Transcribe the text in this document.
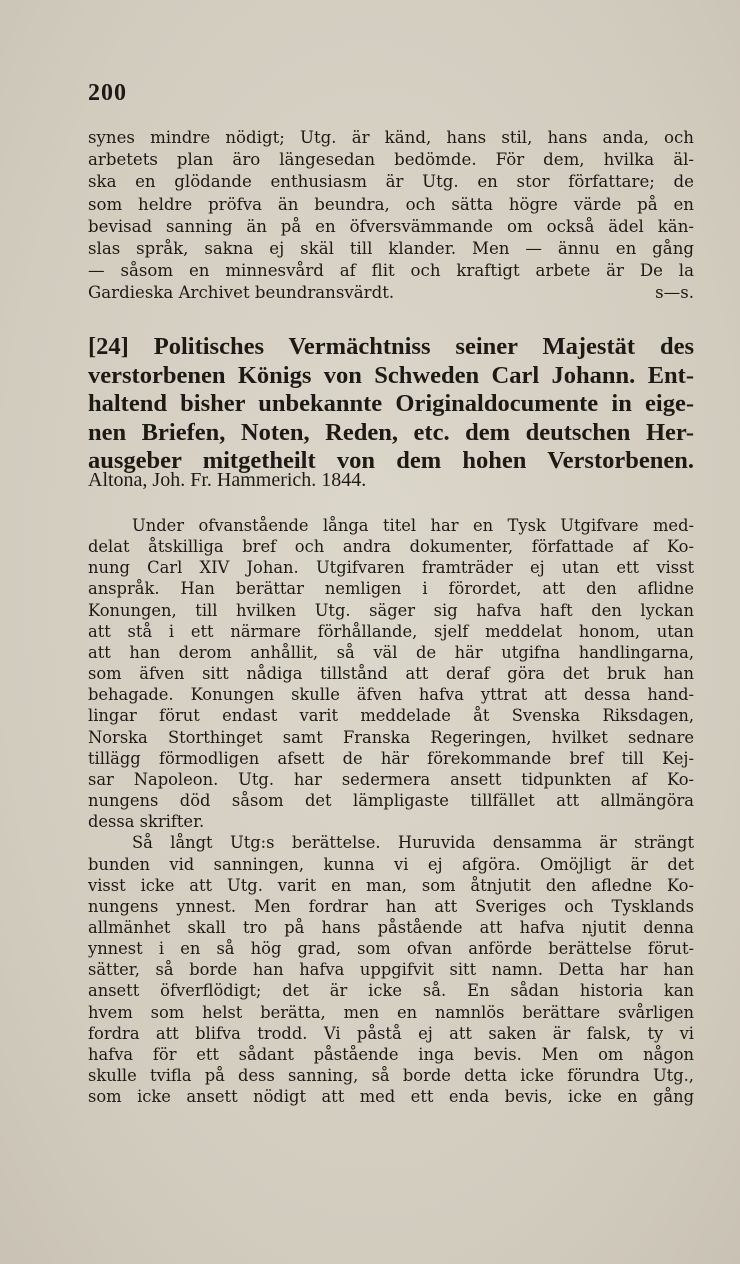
200
synes mindre nödigt; Utg. är känd, hans stil, hans anda, och
arbetets plan äro längesedan bedömde. För dem, hvilka äl-
ska en glödande enthusiasm är Utg. en stor författare; de
som heldre pröfva än beundra, och sätta högre värde på en
bevisad sanning än på en öfversvämmande om också ädel kän-
slas språk, sakna ej skäl till klander. Men — ännu en gång
— såsom en minnesvård af flit och kraftigt arbete är De la
Gardieska Archivet beundransvärdt.	s—s.
[24] Politisches Vermächtniss seiner Majestät des
verstorbenen Königs von Schweden Carl Johann. Ent-
haltend bisher unbekannte Originaldocumente in eige-
nen Briefen, Noten, Reden, etc. dem deutschen Her-
ausgeber mitgetheilt von dem hohen Verstorbenen.
Altona, Joh. Fr. Hammerich. 1844.
Under ofvanstående långa titel har en Tysk Utgifvare med-
delat åtskilliga bref och andra dokumenter, författade af Ko-
nung Carl XIV Johan. Utgifvaren framträder ej utan ett visst
anspråk. Han berättar nemligen i förordet, att den aflidne
Konungen, till hvilken Utg. säger sig hafva haft den lyckan
att stå i ett närmare förhållande, sjelf meddelat honom, utan
att han derom anhållit, så väl de här utgifna handlingarna,
som äfven sitt nådiga tillstånd att deraf göra det bruk han
behagade. Konungen skulle äfven hafva yttrat att dessa hand-
lingar förut endast varit meddelade åt Svenska Riksdagen,
Norska Storthinget samt Franska Regeringen, hvilket sednare
tillägg förmodligen afsett de här förekommande bref till Kej-
sar Napoleon. Utg. har sedermera ansett tidpunkten af Ko-
nungens död såsom det lämpligaste tillfället att allmängöra
dessa skrifter.
Så långt Utg:s berättelse. Huruvida densamma är strängt
bunden vid sanningen, kunna vi ej afgöra. Omöjligt är det
visst icke att Utg. varit en man, som åtnjutit den afledne Ko-
nungens ynnest. Men fordrar han att Sveriges och Tysklands
allmänhet skall tro på hans påstående att hafva njutit denna
ynnest i en så hög grad, som ofvan anförde berättelse förut-
sätter, så borde han hafva uppgifvit sitt namn. Detta har han
ansett öfverflödigt; det är icke så. En sådan historia kan
hvem som helst berätta, men en namnlös berättare svårligen
fordra att blifva trodd. Vi påstå ej att saken är falsk, ty vi
hafva för ett sådant påstående inga bevis. Men om någon
skulle tvifla på dess sanning, så borde detta icke förundra Utg.,
som icke ansett nödigt att med ett enda bevis, icke en gång
